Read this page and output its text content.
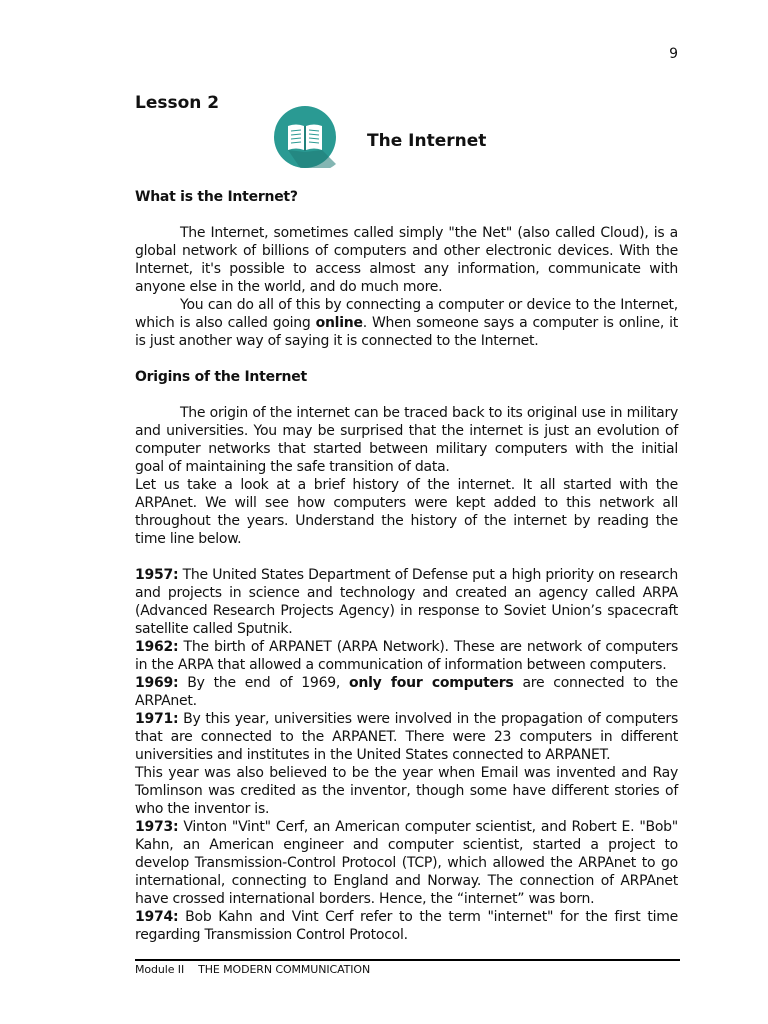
9
Lesson 2
The Internet

What is the Internet?

The Internet, sometimes called simply "the Net" (also called Cloud), is a global network of billions of computers and other electronic devices. With the Internet, it's possible to access almost any information, communicate with anyone else in the world, and do much more.

You can do all of this by connecting a computer or device to the Internet, which is also called going online. When someone says a computer is online, it is just another way of saying it is connected to the Internet.

Origins of the Internet

The origin of the internet can be traced back to its original use in military and universities. You may be surprised that the internet is just an evolution of computer networks that started between military computers with the initial goal of maintaining the safe transition of data.

Let us take a look at a brief history of the internet. It all started with the ARPAnet. We will see how computers were kept added to this network all throughout the years. Understand the history of the internet by reading the time line below.

1957: The United States Department of Defense put a high priority on research and projects in science and technology and created an agency called ARPA (Advanced Research Projects Agency) in response to Soviet Union’s spacecraft satellite called Sputnik.

1962: The birth of ARPANET (ARPA Network). These are network of computers in the ARPA that allowed a communication of information between computers.

1969: By the end of 1969, only four computers are connected to the ARPAnet.

1971: By this year, universities were involved in the propagation of computers that are connected to the ARPANET. There were 23 computers in different universities and institutes in the United States connected to ARPANET.

This year was also believed to be the year when Email was invented and Ray Tomlinson was credited as the inventor, though some have different stories of who the inventor is.

1973: Vinton "Vint" Cerf, an American computer scientist, and Robert E. "Bob" Kahn, an American engineer and computer scientist, started a project to develop Transmission-Control Protocol (TCP), which allowed the ARPAnet to go international, connecting to England and Norway. The connection of ARPAnet have crossed international borders. Hence, the “internet” was born.

1974: Bob Kahn and Vint Cerf refer to the term "internet" for the first time regarding Transmission Control Protocol.

Module II THE MODERN COMMUNICATION
